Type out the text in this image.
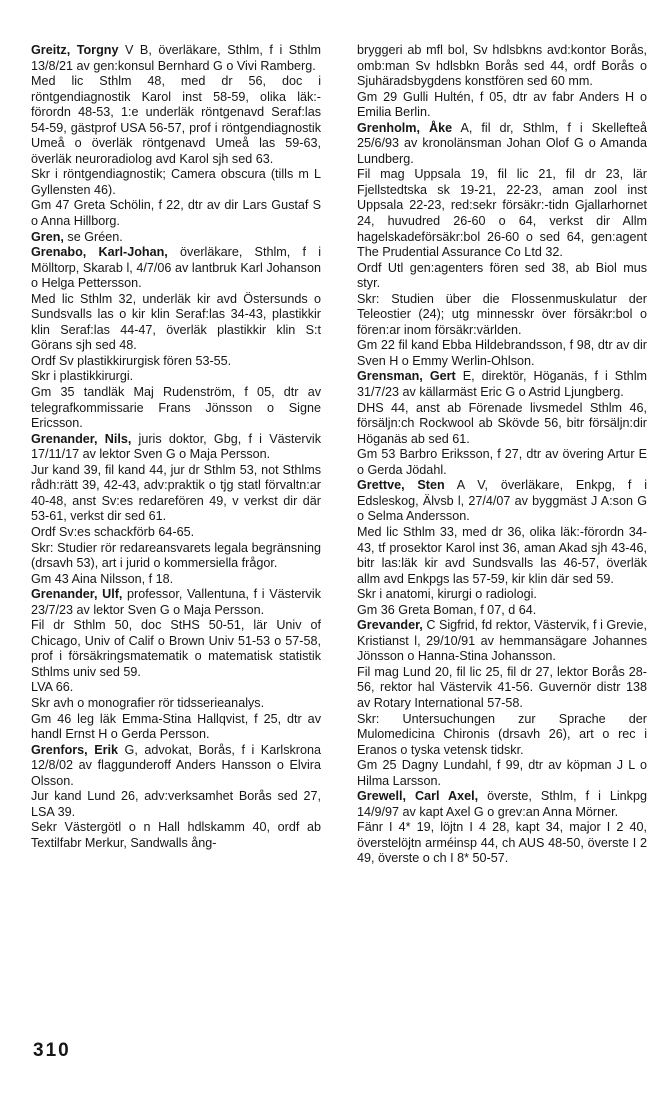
Greitz, Torgny V B, överläkare, Sthlm, f i Sthlm 13/8/21 av gen:konsul Bernhard G o Vivi Ramberg.
Med lic Sthlm 48, med dr 56, doc i röntgendiagnostik Karol inst 58-59, olika läk:-förordn 48-53, 1:e underläk röntgenavd Seraf:las 54-59, gästprof USA 56-57, prof i röntgendiagnostik Umeå o överläk röntgenavd Umeå las 59-63, överläk neuroradiolog avd Karol sjh sed 63.
Skr i röntgendiagnostik; Camera obscura (tills m L Gyllensten 46).
Gm 47 Greta Schölin, f 22, dtr av dir Lars Gustaf S o Anna Hillborg.
Gren, se Gréen.
Grenabo, Karl-Johan, överläkare, Sthlm, f i Mölltorp, Skarab l, 4/7/06 av lantbruk Karl Johanson o Helga Pettersson.
Med lic Sthlm 32, underläk kir avd Östersunds o Sundsvalls las o kir klin Seraf:las 34-43, plastikkir klin Seraf:las 44-47, överläk plastikkir klin S:t Görans sjh sed 48.
Ordf Sv plastikkirurgisk fören 53-55.
Skr i plastikkirurgi.
Gm 35 tandläk Maj Rudenström, f 05, dtr av telegrafkommissarie Frans Jönsson o Signe Ericsson.
Grenander, Nils, juris doktor, Gbg, f i Västervik 17/11/17 av lektor Sven G o Maja Persson.
Jur kand 39, fil kand 44, jur dr Sthlm 53, not Sthlms rådh:rätt 39, 42-43, adv:praktik o tjg statl förvaltn:ar 40-48, anst Sv:es redarefören 49, v verkst dir där 53-61, verkst dir sed 61.
Ordf Sv:es schackförb 64-65.
Skr: Studier rör redareansvarets legala begränsning (drsavh 53), art i jurid o kommersiella frågor.
Gm 43 Aina Nilsson, f 18.
Grenander, Ulf, professor, Vallentuna, f i Västervik 23/7/23 av lektor Sven G o Maja Persson.
Fil dr Sthlm 50, doc StHS 50-51, lär Univ of Chicago, Univ of Calif o Brown Univ 51-53 o 57-58, prof i försäkringsmatematik o matematisk statistik Sthlms univ sed 59.
LVA 66.
Skr avh o monografier rör tidsserieanalys.
Gm 46 leg läk Emma-Stina Hallqvist, f 25, dtr av handl Ernst H o Gerda Persson.
Grenfors, Erik G, advokat, Borås, f i Karlskrona 12/8/02 av flaggunderoff Anders Hansson o Elvira Olsson.
Jur kand Lund 26, adv:verksamhet Borås sed 27, LSA 39.
Sekr Västergötl o n Hall hdlskamm 40, ordf ab Textilfabr Merkur, Sandwalls ång-
bryggeri ab mfl bol, Sv hdlsbkns avd:kontor Borås, omb:man Sv hdlsbkn Borås sed 44, ordf Borås o Sjuhäradsbygdens konstfören sed 60 mm.
Gm 29 Gulli Hultén, f 05, dtr av fabr Anders H o Emilia Berlin.
Grenholm, Åke A, fil dr, Sthlm, f i Skellefteå 25/6/93 av kronolänsman Johan Olof G o Amanda Lundberg.
Fil mag Uppsala 19, fil lic 21, fil dr 23, lär Fjellstedtska sk 19-21, 22-23, aman zool inst Uppsala 22-23, red:sekr försäkr:-tidn Gjallarhornet 24, huvudred 26-60 o 64, verkst dir Allm hagelskadeförsäkr:bol 26-60 o sed 64, gen:agent The Prudential Assurance Co Ltd 32.
Ordf Utl gen:agenters fören sed 38, ab Biol mus styr.
Skr: Studien über die Flossenmuskulatur der Teleostier (24); utg minnesskr över försäkr:bol o fören:ar inom försäkr:världen.
Gm 22 fil kand Ebba Hildebrandsson, f 98, dtr av dir Sven H o Emmy Werlin-Ohlson.
Grensman, Gert E, direktör, Höganäs, f i Sthlm 31/7/23 av källarmäst Eric G o Astrid Ljungberg.
DHS 44, anst ab Förenade livsmedel Sthlm 46, försäljn:ch Rockwool ab Skövde 56, bitr försäljn:dir Höganäs ab sed 61.
Gm 53 Barbro Eriksson, f 27, dtr av övering Artur E o Gerda Jödahl.
Grettve, Sten A V, överläkare, Enkpg, f i Edsleskog, Älvsb l, 27/4/07 av byggmäst J A:son G o Selma Andersson.
Med lic Sthlm 33, med dr 36, olika läk:-förordn 34-43, tf prosektor Karol inst 36, aman Akad sjh 43-46, bitr las:läk kir avd Sundsvalls las 46-57, överläk allm avd Enkpgs las 57-59, kir klin där sed 59.
Skr i anatomi, kirurgi o radiologi.
Gm 36 Greta Boman, f 07, d 64.
Grevander, C Sigfrid, fd rektor, Västervik, f i Grevie, Kristianst l, 29/10/91 av hemmansägare Johannes Jönsson o Hanna-Stina Johansson.
Fil mag Lund 20, fil lic 25, fil dr 27, lektor Borås 28-56, rektor hal Västervik 41-56. Guvernör distr 138 av Rotary International 57-58.
Skr: Untersuchungen zur Sprache der Mulomedicina Chironis (drsavh 26), art o rec i Eranos o tyska vetensk tidskr.
Gm 25 Dagny Lundahl, f 99, dtr av köpman J L o Hilma Larsson.
Grewell, Carl Axel, överste, Sthlm, f i Linkpg 14/9/97 av kapt Axel G o grev:an Anna Mörner.
Fänr I 4* 19, löjtn I 4 28, kapt 34, major I 2 40, överstelöjtn arméinsp 44, ch AUS 48-50, överste I 2 49, överste o ch I 8* 50-57.
310
